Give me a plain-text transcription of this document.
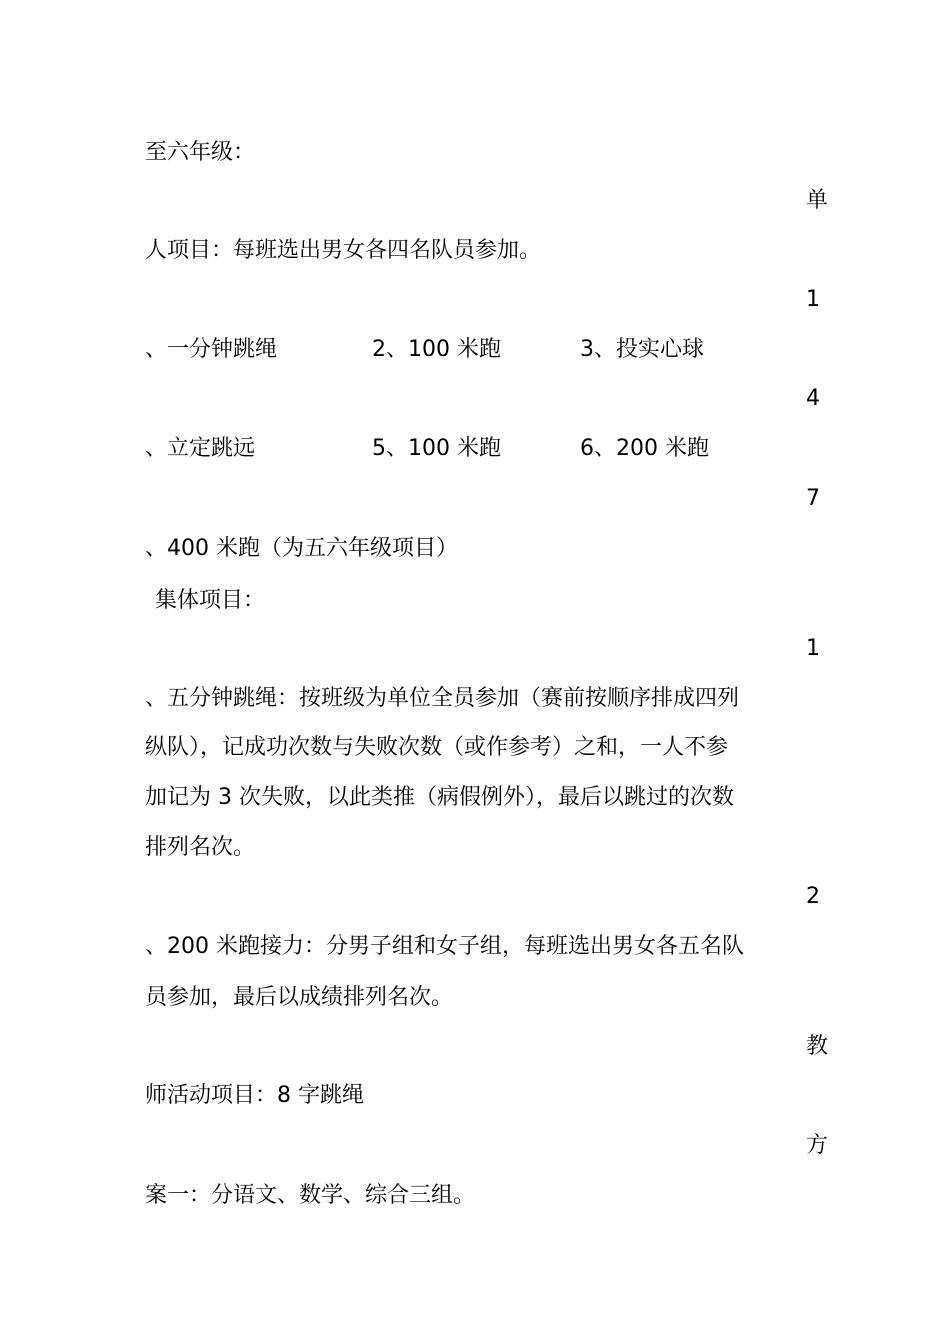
至六年级：
单
人项目：每班选出男女各四名队员参加。
1
、一分钟跳绳	2、100 米跑	3、投实心球
4
、立定跳远	5、100 米跑	6、200 米跑
7
、400 米跑（为五六年级项目）
集体项目：
1
、五分钟跳绳：按班级为单位全员参加（赛前按顺序排成四列
纵队），记成功次数与失败次数（或作参考）之和，一人不参
加记为 3 次失败，以此类推（病假例外），最后以跳过的次数
排列名次。
2
、200 米跑接力：分男子组和女子组，每班选出男女各五名队
员参加，最后以成绩排列名次。
教
师活动项目：8 字跳绳
方
案一：分语文、数学、综合三组。
